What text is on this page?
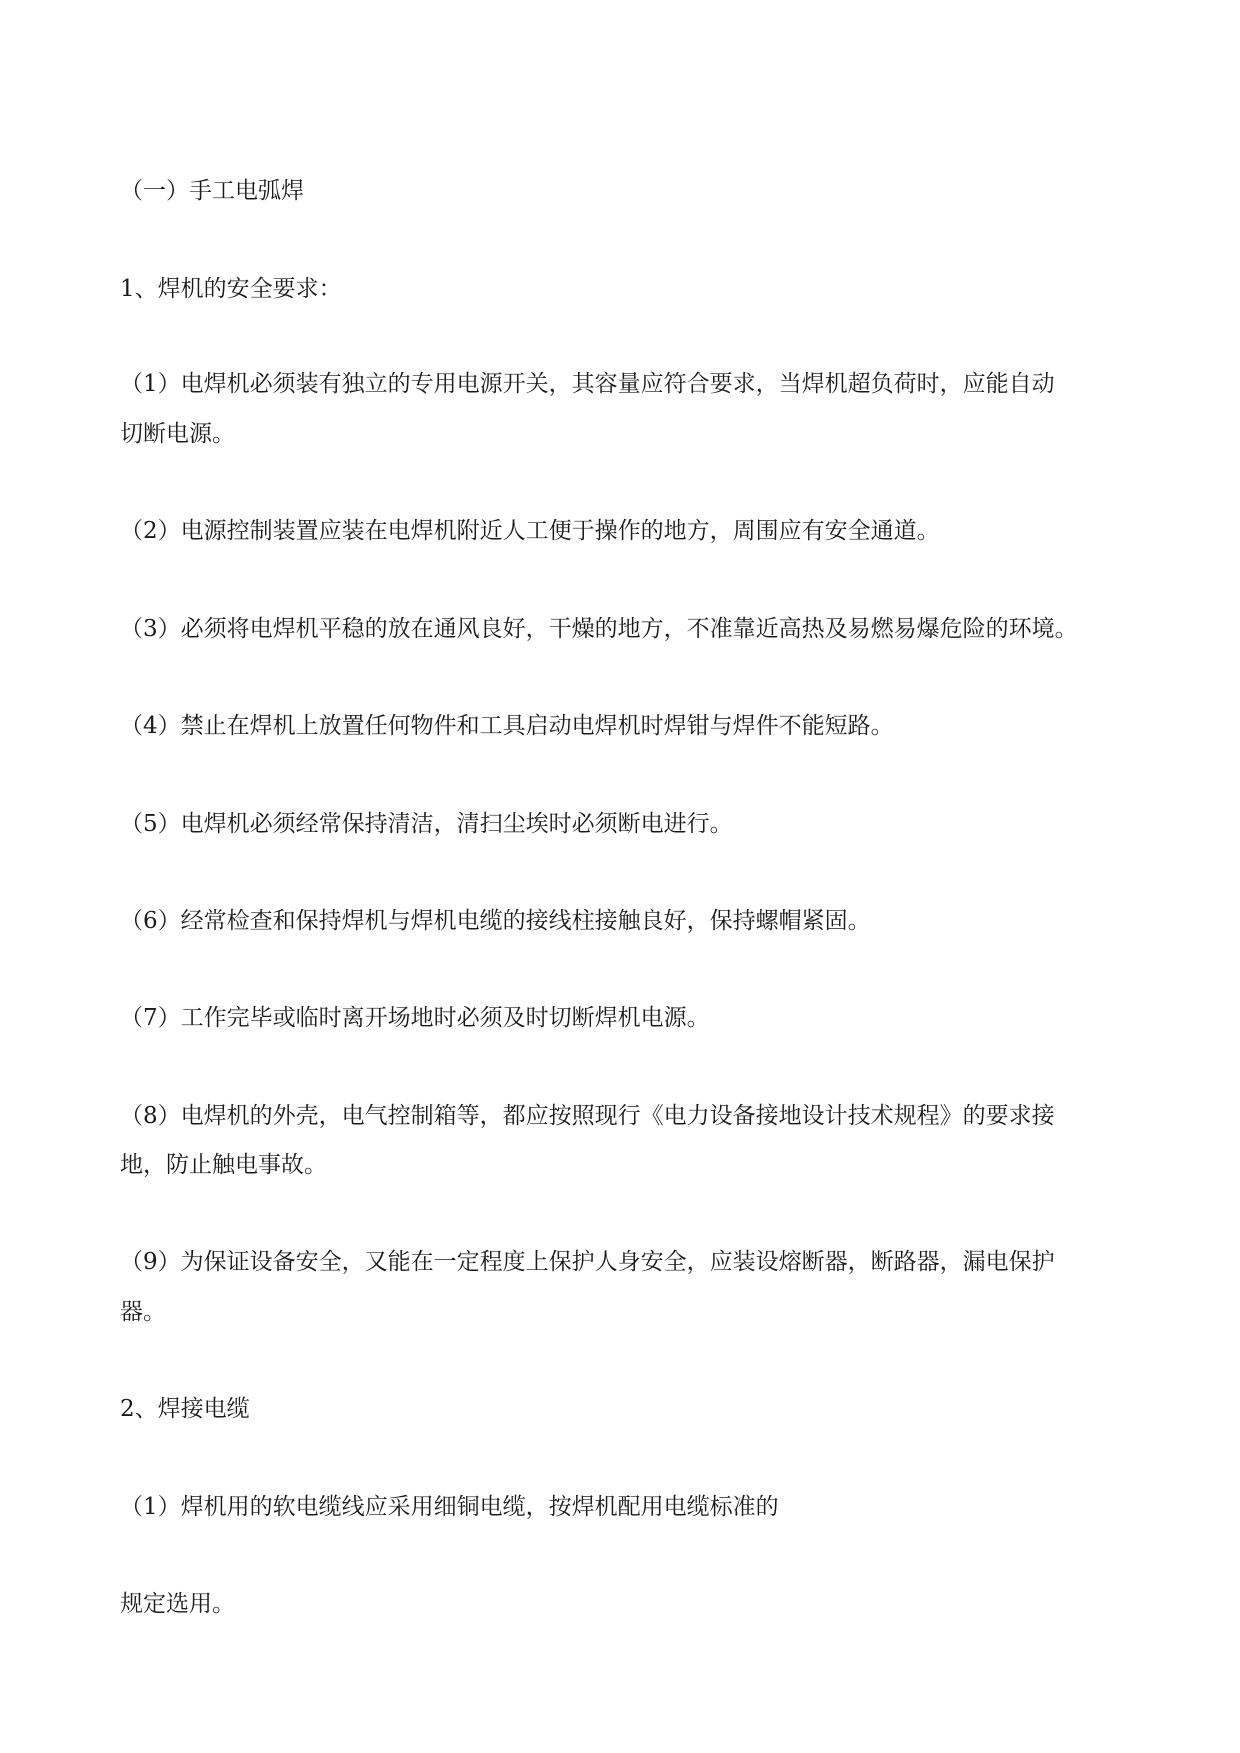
（一）手工电弧焊
1、焊机的安全要求：
（1）电焊机必须装有独立的专用电源开关，其容量应符合要求，当焊机超负荷时，应能自动
切断电源。
（2）电源控制装置应装在电焊机附近人工便于操作的地方，周围应有安全通道。
（3）必须将电焊机平稳的放在通风良好，干燥的地方，不准靠近高热及易燃易爆危险的环境。
（4）禁止在焊机上放置任何物件和工具启动电焊机时焊钳与焊件不能短路。
（5）电焊机必须经常保持清洁，清扫尘埃时必须断电进行。
（6）经常检查和保持焊机与焊机电缆的接线柱接触良好，保持螺帽紧固。
（7）工作完毕或临时离开场地时必须及时切断焊机电源。
（8）电焊机的外壳，电气控制箱等，都应按照现行《电力设备接地设计技术规程》的要求接
地，防止触电事故。
（9）为保证设备安全，又能在一定程度上保护人身安全，应装设熔断器，断路器，漏电保护
器。
2、焊接电缆
（1）焊机用的软电缆线应采用细铜电缆，按焊机配用电缆标准的
规定选用。
